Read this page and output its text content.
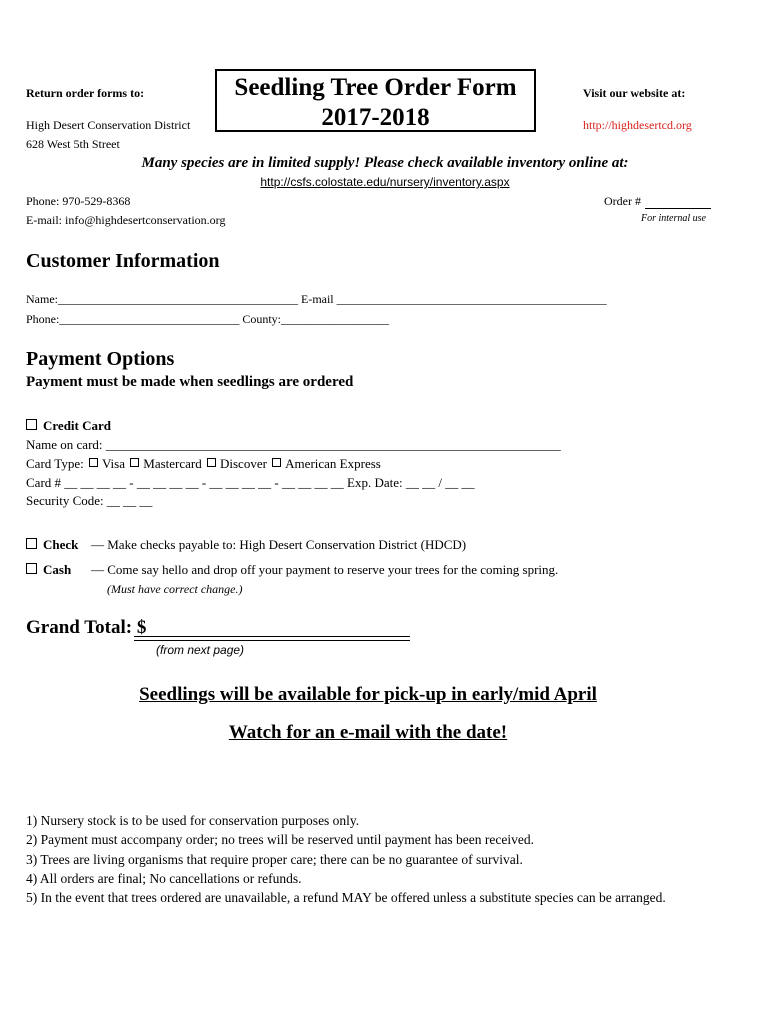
Return order forms to:
High Desert Conservation District
628 West 5th Street
Seedling Tree Order Form
2017-2018
Visit our website at:
http://highdesertcd.org
Many species are in limited supply! Please check available inventory online at:
http://csfs.colostate.edu/nursery/inventory.aspx
Phone: 970-529-8368
E-mail: info@highdesertconservation.org
Order #
For internal use
Customer Information
Name:________________________________________ E-mail _____________________________________________
Phone:______________________________ County:__________________
Payment Options
Payment must be made when seedlings are ordered
Credit Card
Name on card: ______________________________________________________________________
Card Type: Visa Mastercard Discover American Express
Card # __ __ __ __ - __ __ __ __ - __ __ __ __ - __ __ __ __ Exp. Date: __ __ / __ __
Security Code: __ __ __
Check — Make checks payable to: High Desert Conservation District (HDCD)
Cash — Come say hello and drop off your payment to reserve your trees for the coming spring.
(Must have correct change.)
Grand Total: $
(from next page)
Seedlings will be available for pick-up in early/mid April
Watch for an e-mail with the date!
1) Nursery stock is to be used for conservation purposes only.
2) Payment must accompany order; no trees will be reserved until payment has been received.
3) Trees are living organisms that require proper care; there can be no guarantee of survival.
4) All orders are final; No cancellations or refunds.
5) In the event that trees ordered are unavailable, a refund MAY be offered unless a substitute species can be arranged.
